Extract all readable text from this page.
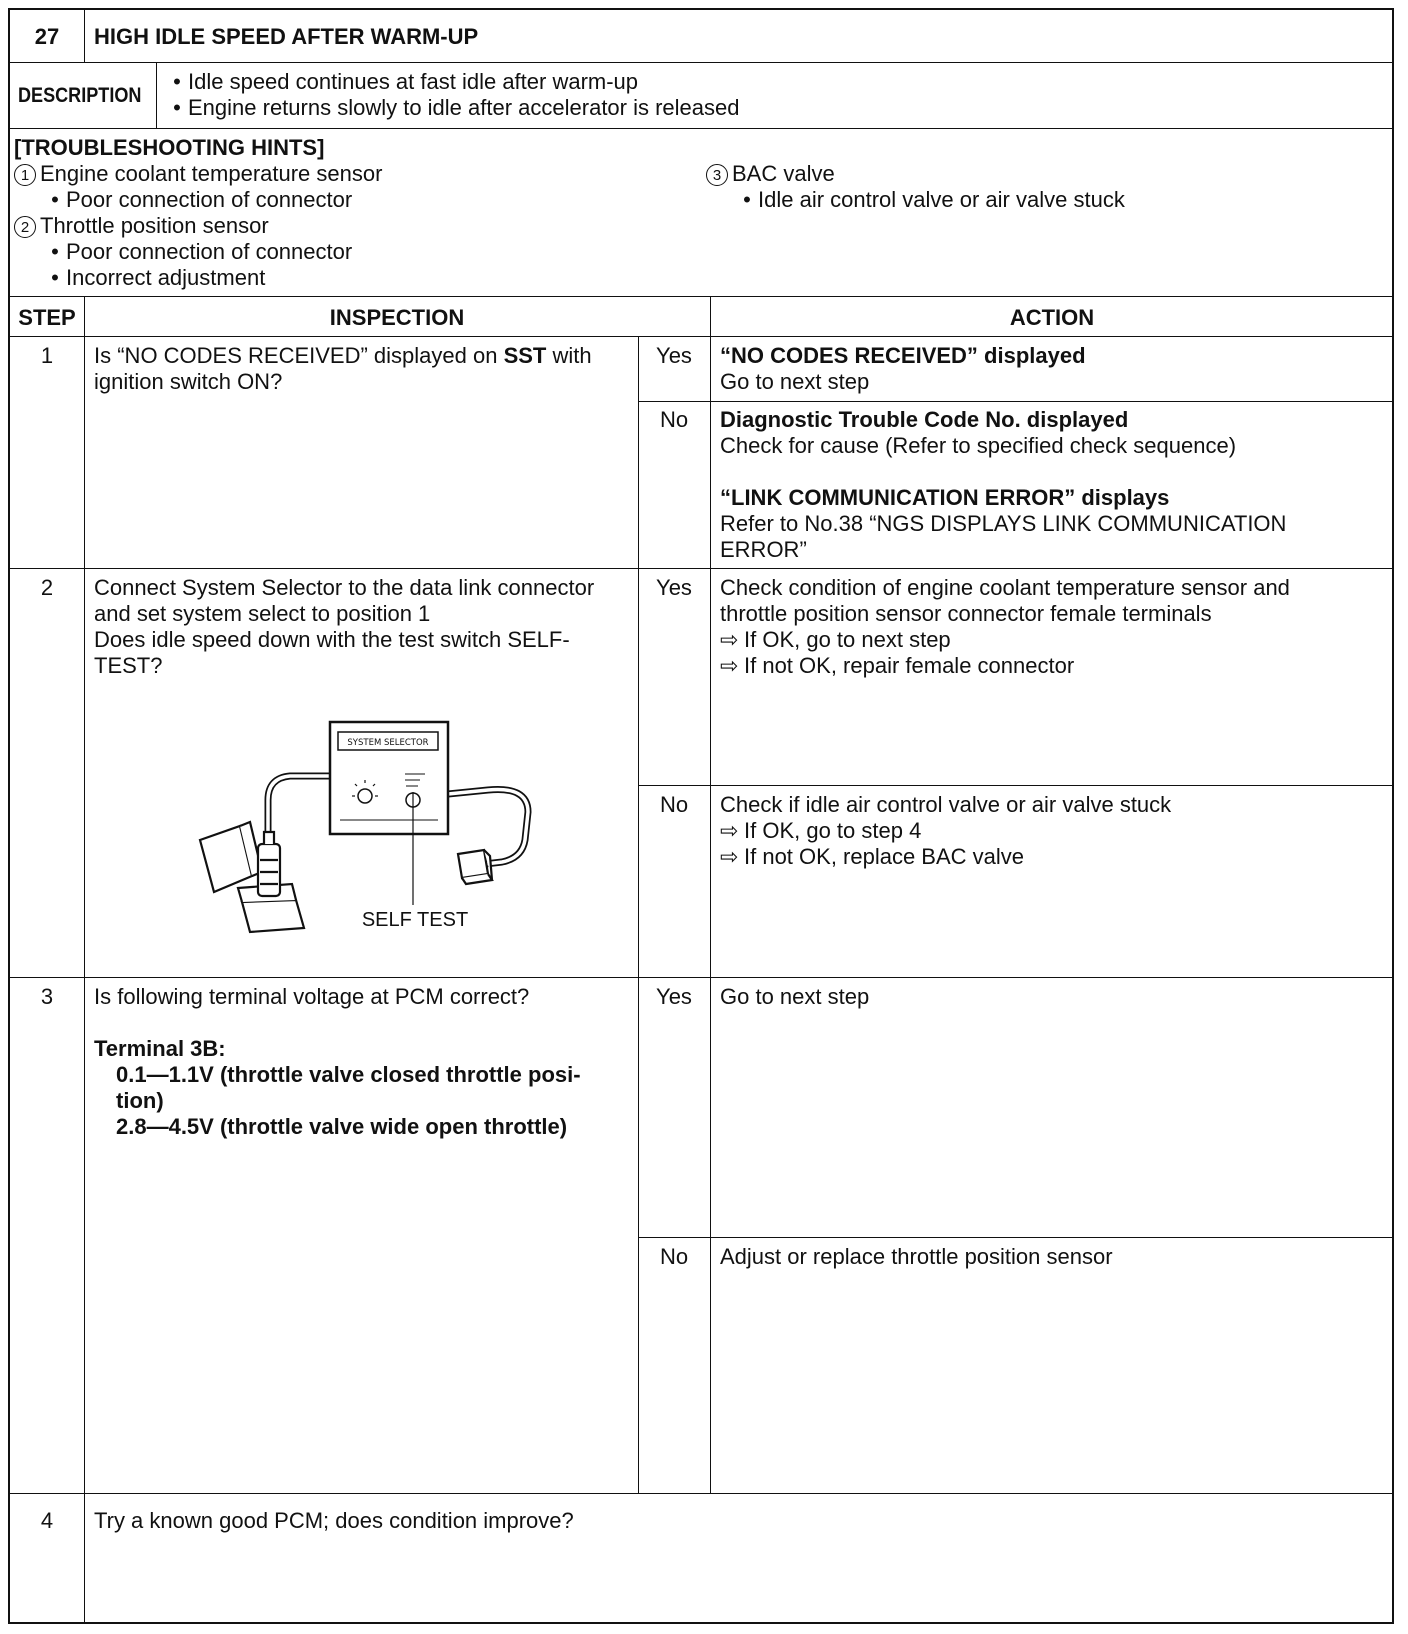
27	HIGH IDLE SPEED AFTER WARM-UP
DESCRIPTION
• Idle speed continues at fast idle after warm-up
• Engine returns slowly to idle after accelerator is released
[TROUBLESHOOTING HINTS]
1 Engine coolant temperature sensor
• Poor connection of connector
2 Throttle position sensor
• Poor connection of connector
• Incorrect adjustment
3 BAC valve
• Idle air control valve or air valve stuck
STEP	INSPECTION	ACTION
1	Is “NO CODES RECEIVED” displayed on SST with
ignition switch ON?
Yes	“NO CODES RECEIVED” displayed
Go to next step
No	Diagnostic Trouble Code No. displayed
Check for cause (Refer to specified check sequence)
“LINK COMMUNICATION ERROR” displays
Refer to No.38 “NGS DISPLAYS LINK COMMUNICATION
ERROR”
2	Connect System Selector to the data link connector
and set system select to position 1
Does idle speed down with the test switch SELF-
TEST?
SYSTEM SELECTOR
SELF TEST
Yes	Check condition of engine coolant temperature sensor and
throttle position sensor connector female terminals
⇨ If OK, go to next step
⇨ If not OK, repair female connector
No	Check if idle air control valve or air valve stuck
⇨ If OK, go to step 4
⇨ If not OK, replace BAC valve
3	Is following terminal voltage at PCM correct?
Terminal 3B:
0.1—1.1V (throttle valve closed throttle posi-
tion)
2.8—4.5V (throttle valve wide open throttle)
Yes	Go to next step
No	Adjust or replace throttle position sensor
4	Try a known good PCM; does condition improve?
